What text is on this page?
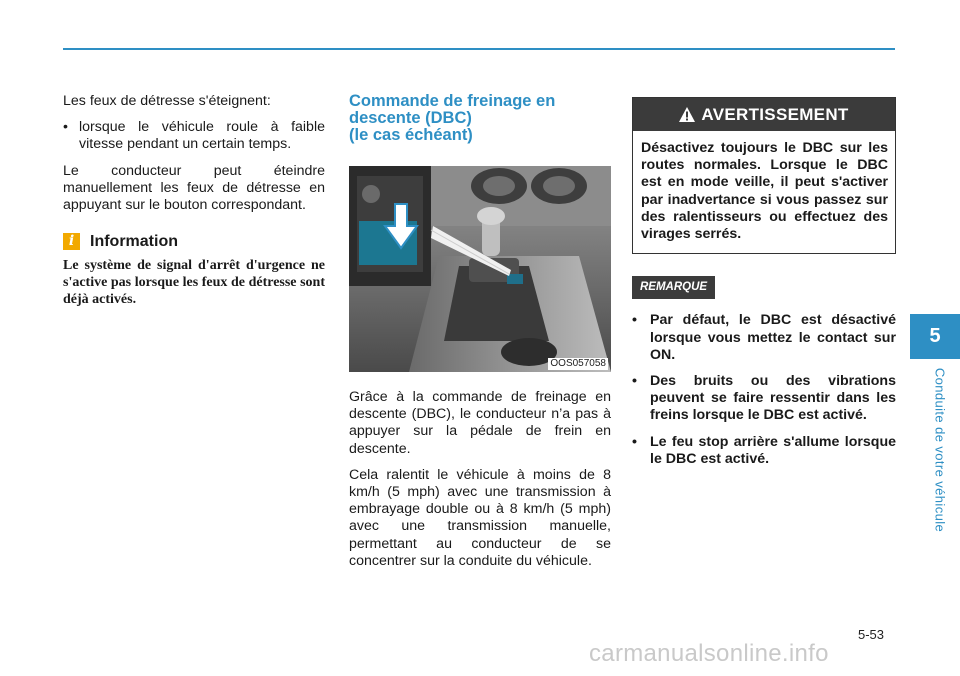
Les feux de détresse s'éteignent:

• lorsque le véhicule roule à faible vitesse pendant un certain temps.

Le conducteur peut éteindre manuellement les feux de détresse en appuyant sur le bouton correspondant.

i Information
Le système de signal d'arrêt d'urgence ne s'active pas lorsque les feux de détresse sont déjà activés.
Commande de freinage en
descente (DBC)
(le cas échéant)
OOS057058

Grâce à la commande de freinage en descente (DBC), le conducteur n’a pas à appuyer sur la pédale de frein en descente.

Cela ralentit le véhicule à moins de 8 km/h (5 mph) avec une transmission à embrayage double ou à 8 km/h (5 mph) avec une transmission manuelle, permettant au conducteur de se concentrer sur la conduite du véhicule.

AVERTISSEMENT
Désactivez toujours le DBC sur les routes normales. Lorsque le DBC est en mode veille, il peut s'activer par inadvertance si vous passez sur des ralentisseurs ou effectuez des virages serrés.
REMARQUE
• Par défaut, le DBC est désactivé lorsque vous mettez le contact sur ON.
• Des bruits ou des vibrations peuvent se faire ressentir dans les freins lorsque le DBC est activé.
• Le feu stop arrière s'allume lorsque le DBC est activé.
5
Conduite de votre véhicule
5-53
carmanualsonline.info
